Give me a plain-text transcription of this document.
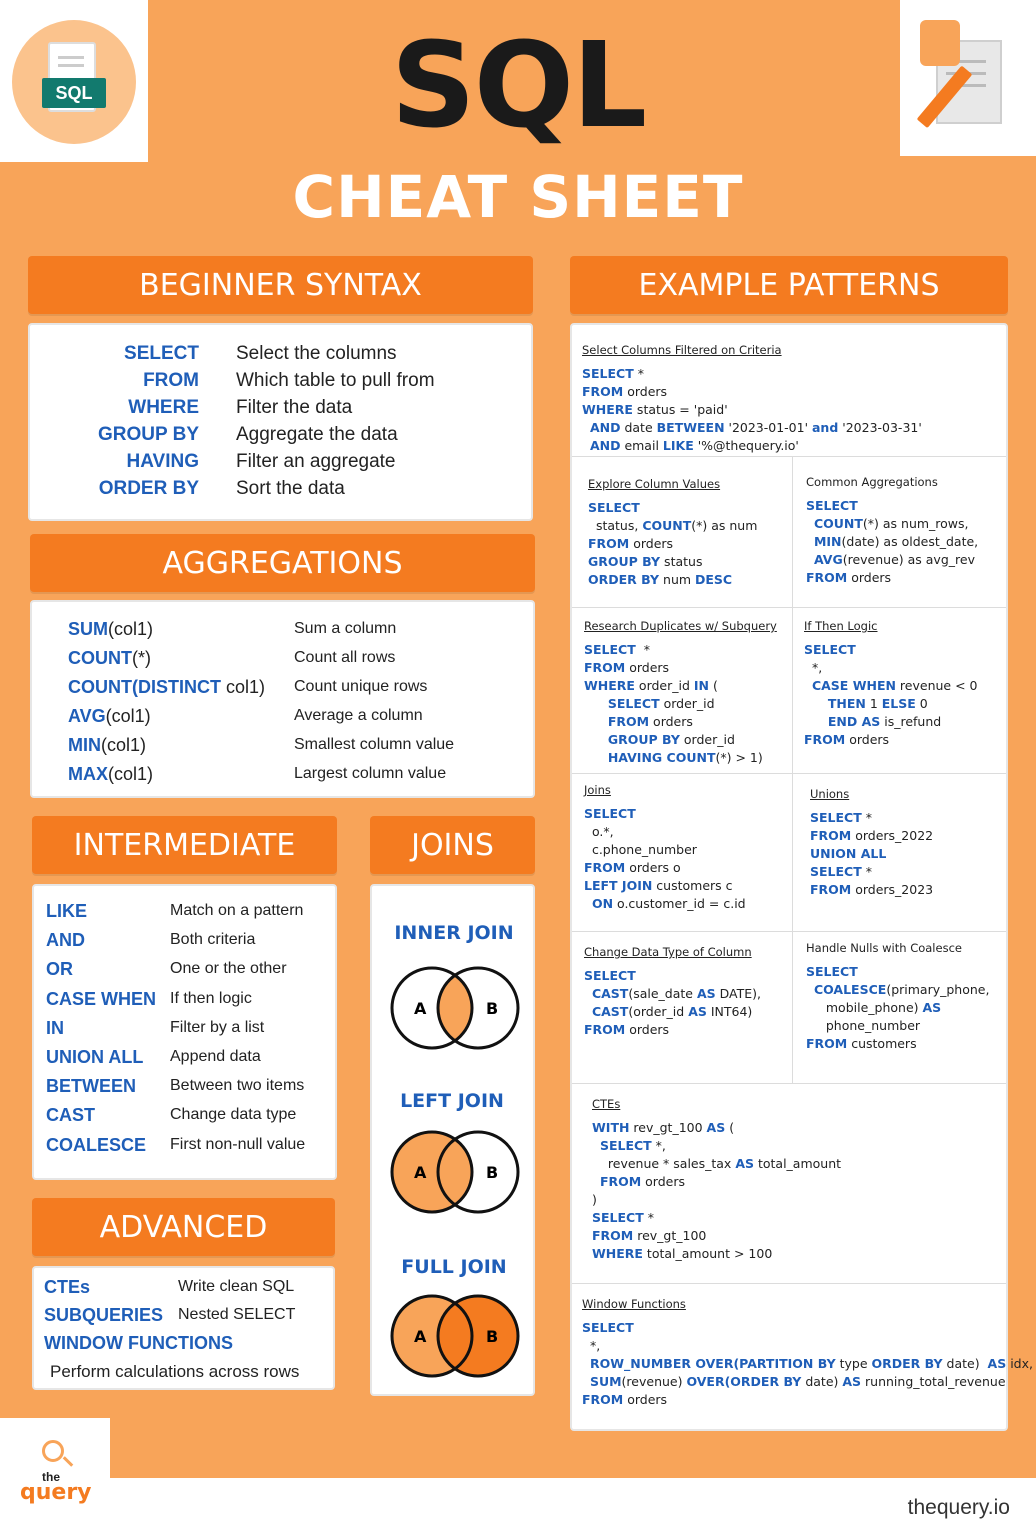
SQL	SQL
CHEAT SHEET
BEGINNER SYNTAX
SELECT Select the columns
FROM Which table to pull from
WHERE Filter the data
GROUP BY Aggregate the data
HAVING Filter an aggregate
ORDER BY Sort the data
AGGREGATIONS
SUM(col1)	Sum a column
COUNT(*)	Count all rows
COUNT(DISTINCT col1) Count unique rows
AVG(col1)	Average a column
MIN(col1)	Smallest column value
MAX(col1)	Largest column value
INTERMEDIATE
LIKE	Match on a pattern
AND	Both criteria
OR	One or the other
CASE WHEN If then logic
IN	Filter by a list
UNION ALL Append data
BETWEEN Between two items
CAST	Change data type
COALESCE First non-null value
ADVANCED
CTEs	Write clean SQL
SUBQUERIES Nested SELECT
WINDOW FUNCTIONS
Perform calculations across rows
JOINS
INNER JOIN
A	B
LEFT JOIN
A	B
FULL JOIN
A	B
EXAMPLE PATTERNS
Select Columns Filtered on Criteria
SELECT *
FROM orders
WHERE status = 'paid'
AND date BETWEEN '2023-01-01' and '2023-03-31'
AND email LIKE '%@thequery.io'
Explore Column Values
SELECT
status, COUNT(*) as num
FROM orders
GROUP BY status
ORDER BY num DESC
Common Aggregations
SELECT
COUNT(*) as num_rows,
MIN(date) as oldest_date,
AVG(revenue) as avg_rev
FROM orders
Research Duplicates w/ Subquery
SELECT  *
FROM orders
WHERE order_id IN (
SELECT order_id
FROM orders
GROUP BY order_id
HAVING COUNT(*) > 1)
If Then Logic
SELECT
*,
CASE WHEN revenue < 0
THEN 1 ELSE 0
END AS is_refund
FROM orders
Joins
SELECT
o.*,
c.phone_number
FROM orders o
LEFT JOIN customers c
ON o.customer_id = c.id
Unions
SELECT *
FROM orders_2022
UNION ALL
SELECT *
FROM orders_2023
Change Data Type of Column
SELECT
CAST(sale_date AS DATE),
CAST(order_id AS INT64)
FROM orders
Handle Nulls with Coalesce
SELECT
COALESCE(primary_phone,
mobile_phone) AS
phone_number
FROM customers
CTEs
WITH rev_gt_100 AS (
SELECT *,
revenue * sales_tax AS total_amount
FROM orders
)
SELECT *
FROM rev_gt_100
WHERE total_amount > 100
Window Functions
SELECT
*,
ROW_NUMBER OVER(PARTITION BY type ORDER BY date)  AS idx,
SUM(revenue) OVER(ORDER BY date) AS running_total_revenue
FROM orders
the
query
thequery.io
